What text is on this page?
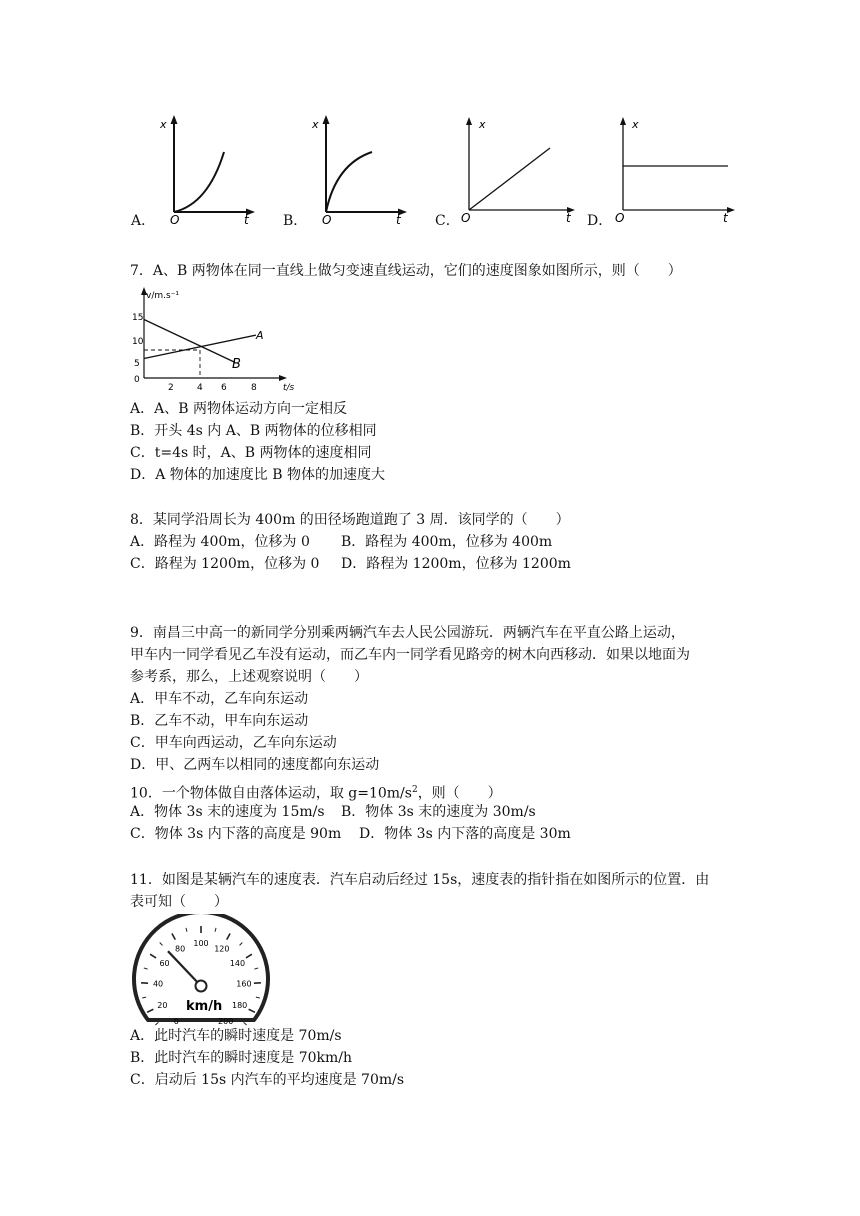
A．
x
O	t B．
x
O	t C．
x
O	t D．
x
O	t
7．A、B 两物体在同一直线上做匀变速直线运动，它们的速度图象如图所示，则（　　）
v/m.s⁻¹
t/s
15
10
5
0
2	4 6	8
A
B
A．A、B 两物体运动方向一定相反
B．开头 4s 内 A、B 两物体的位移相同
C．t=4s 时，A、B 两物体的速度相同
D．A 物体的加速度比 B 物体的加速度大
8．某同学沿周长为 400m 的田径场跑道跑了 3 周．该同学的（　　）
A．路程为 400m，位移为 0 B．路程为 400m，位移为 400m
C．路程为 1200m，位移为 0 D．路程为 1200m，位移为 1200m
9．南昌三中高一的新同学分别乘两辆汽车去人民公园游玩．两辆汽车在平直公路上运动，
甲车内一同学看见乙车没有运动，而乙车内一同学看见路旁的树木向西移动．如果以地面为
参考系，那么，上述观察说明（　　）
A．甲车不动，乙车向东运动
B．乙车不动，甲车向东运动
C．甲车向西运动，乙车向东运动
D．甲、乙两车以相同的速度都向东运动
10．一个物体做自由落体运动，取 $g=10m/s^2$，则（　　）
A．物体 3s 末的速度为 15m/s B．物体 3s 末的速度为 30m/s
C．物体 3s 内下落的高度是 90m D．物体 3s 内下落的高度是 30m
11．如图是某辆汽车的速度表．汽车启动后经过 15s，速度表的指针指在如图所示的位置．由
表可知（　　）
0
20
40
60
80
100
120
140
160
180
200
km/h
A．此时汽车的瞬时速度是 70m/s
B．此时汽车的瞬时速度是 70km/h
C．启动后 15s 内汽车的平均速度是 70m/s
